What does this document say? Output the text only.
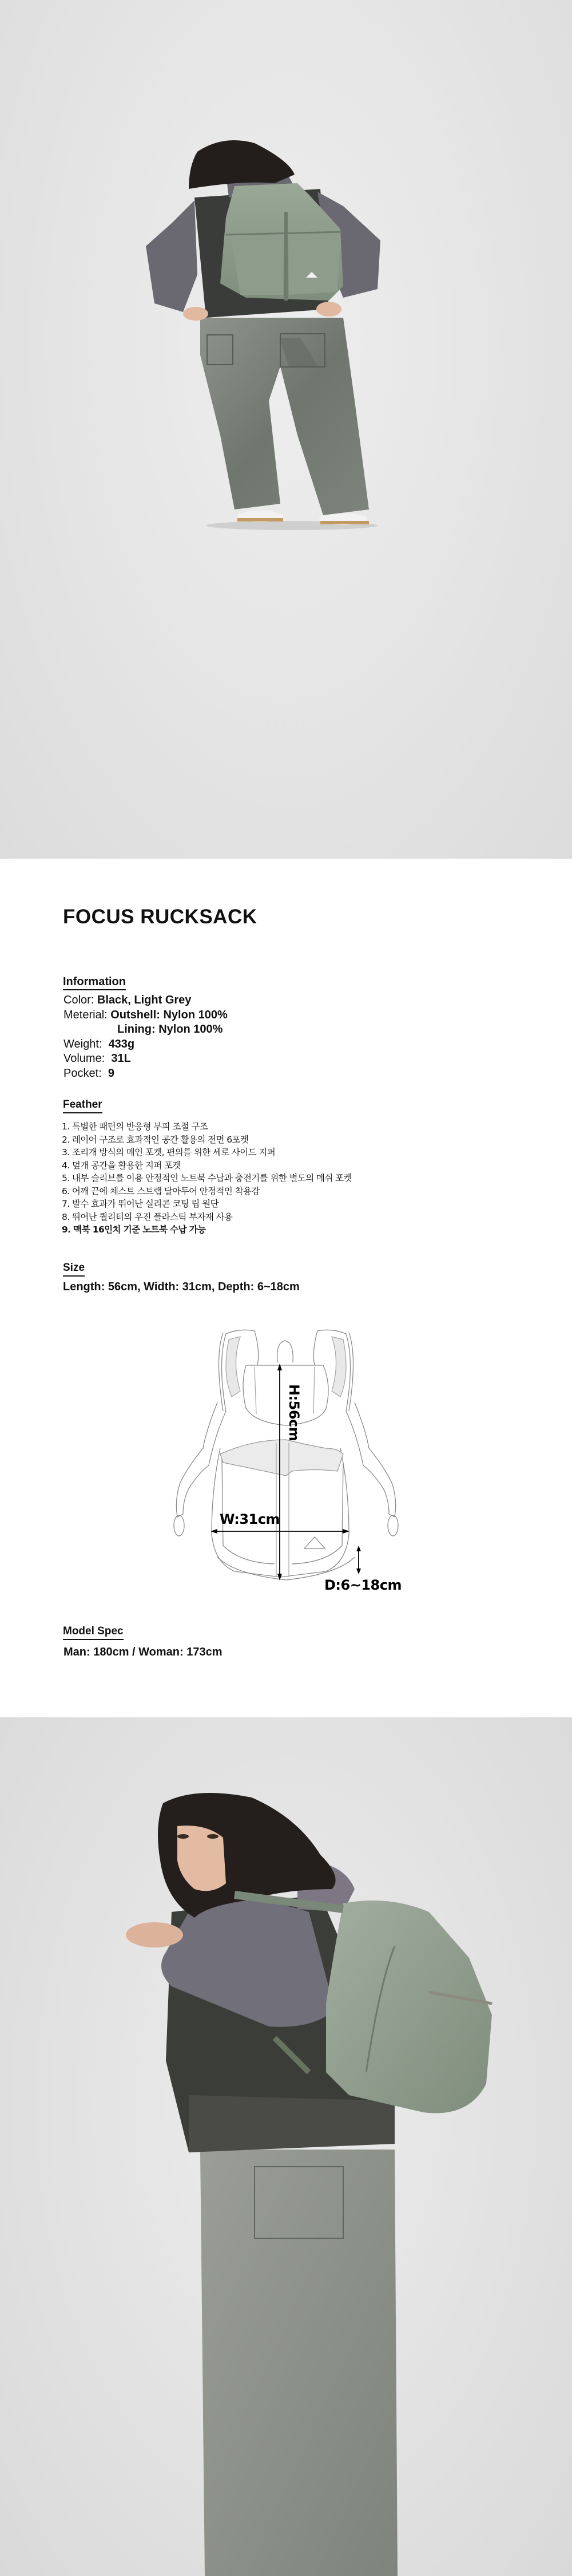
FOCUS RUCKSACK
Information
Color: Black, Light Grey
Meterial: Outshell: Nylon 100%
Lining: Nylon 100%
Weight:  433g
Volume:  31L
Pocket:  9
Feather
1. 특별한 패턴의 반응형 부피 조절 구조
2. 레이어 구조로 효과적인 공간 활용의 전면 6포켓
3. 조리개 방식의 메인 포켓, 편의를 위한 세로 사이드 지퍼
4. 덮개 공간을 활용한 지퍼 포켓
5. 내부 슬리브를 이용 안정적인 노트북 수납과 충전기를 위한 별도의 메쉬 포켓
6. 어깨 끈에 체스트 스트랩 달아두어 안정적인 착용감
7. 발수 효과가 뛰어난 실리콘 코팅 립 원단
8. 뛰어난 퀄리티의 우진 플라스틱 부자재 사용
9. 맥북 16인치 기준 노트북 수납 가능
Size
Length: 56cm, Width: 31cm, Depth: 6~18cm
H:56cm
W:31cm
D:6~18cm
Model Spec
Man: 180cm / Woman: 173cm
